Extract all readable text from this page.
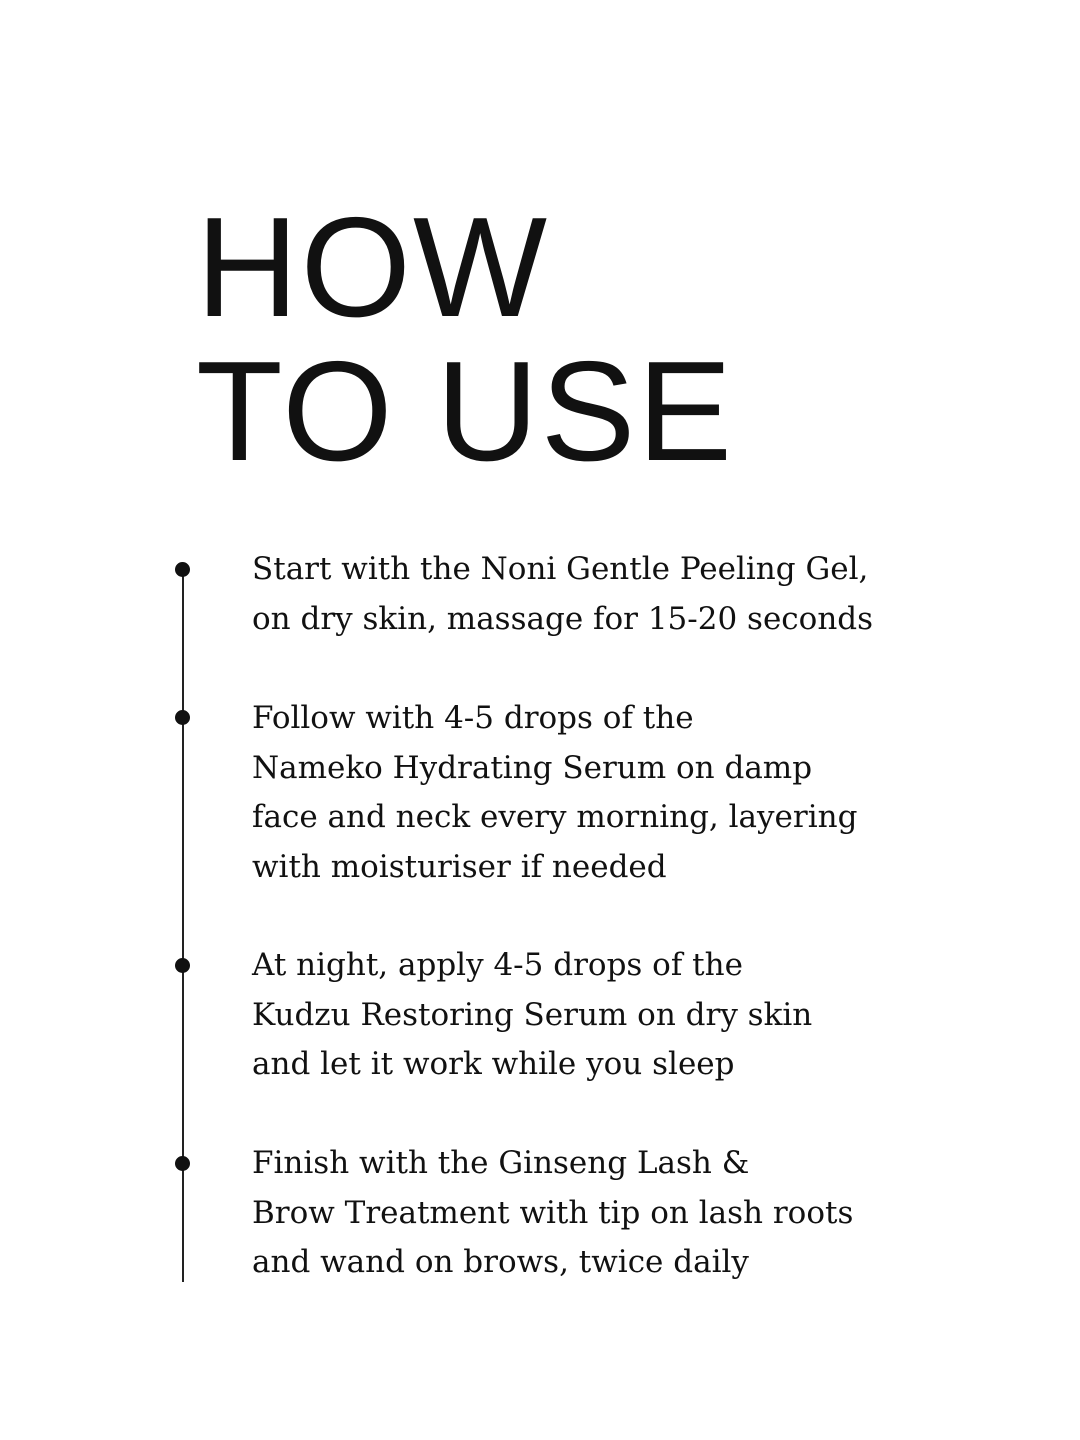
HOW
TO USE

Start with the Noni Gentle Peeling Gel,
on dry skin, massage for 15-20 seconds

Follow with 4-5 drops of the
Nameko Hydrating Serum on damp
face and neck every morning, layering
with moisturiser if needed

At night, apply 4-5 drops of the
Kudzu Restoring Serum on dry skin
and let it work while you sleep

Finish with the Ginseng Lash &
Brow Treatment with tip on lash roots
and wand on brows, twice daily
